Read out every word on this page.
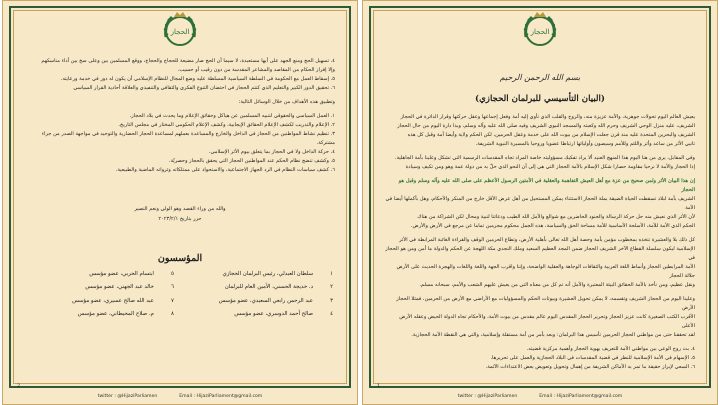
الحجاز

٤. تسهيل الحج ومنع الجهد على أيها مستعبدة، لا سيما أن الحج صار مضيعة للحجاج والحجاج، ووقع المسلمين بين وعلى سخ بين أداء مناسكهم

وإلا إفراز الحكام من المقاصد والمشاعر المقدسة من دون رقيب أو حسيب.

٥. إسقاط العمل مع الحكومة في السلطة السياسية المسلطة عليه وضع المجال للنظام الإسلامي أن يكون له دور في خدمة ورعايته.

٦. تحقيق الدور الكبير والتعليم الذي كنتم الحجاز في احتضان التنوع الفكري والثقافي والتنفيذي والعلاقة أحادية القرار السياسي

وتطبيق هذه الأهداف من خلال الوسائل التالية:

١. العمل السياسي والحقوقي لتنبيه المسلمين عن هياكل وحقائق الإعلام وما يحدث في بلاد الحجاز.

٢. الإعلام والتدريب لكشف الإعلام الحقائق الإيجابية، وكشف الإعلام الحكومي المختار في مجلس التاريخ.

٣. تنظيم نشاط المواطنين من الحجاز في الداخل والخارج والمساعدة بعملهم لمساعدة الحجاز الحضارية والتوحيد في مواجهة الصدر من جراء

مشتركة.

٤. حركة الداخل ولا في الحجاز بما يتعلق بيوم الأثر الإسلامي.

٥. وكشف تنضج نظام الحكم عند المواطنين الحجاز التي يحقق بالحجاز وحصريّة.

٦. كشف سياسات النظام في الرد الجهاز الاجتماعية، والاستحواذ على ممتلكاته وثرواته الماضية والطبيعية.

والله من وراء القصد وهو الولي ونعم النصير
حرر بتاريخ ٢٠٢٣/٢/١
المؤسسون
١
سلطان العبدلي، رئيس البرلمان الحجازي
٥
ابتسام الحربي، عضو مؤسس
٢
د. خديجة الحسني، الأمين العام للبرلمان
٦
خالد عبد الجهني، عضو مؤسس
٣
عبد الرحمن رابعي السعيدي، عضو مؤسس
٧
عبد الله صالح عسيري، عضو مؤسس
٤
صالح أحمد الدوسري، عضو مؤسس
٨
م. صلاح المحيطاني، عضو مؤسس
2
twitter : @HijaziParliamen	Email : HijaziParliament@gmail.com
الحجاز
بسم الله الرحمن الرحيم
(البيان التأسيسي للبرلمان الحجازي)

يعيش العالم اليوم تحولات جوهرية، والأمة عزيزة منه، والروح والقلب الذي تأوي إليه أمة وفعل إجماعها وعقل حركتها وقرار الدائرة في الحجاز

الشريف، عليه منزل الوحي الشريف وحرم الله وكعبته والمسجد النبوي الشريف وفيه صلى الله عليه وآله وسلم، وبذا دارة اليوم من حال الحجاز

الشريف والبحرين المتحدة عليه منذ قرن جعلت الإسلام من بيوت الله على خدمة وعقل الحرمين، لكن الحكم ولاية وأيضا أمة وقبل كل هذه

تانيي الأثر من ساعد وأثر واللئم وللأمم وسيصون وأوليائها ارتباطا عضويا وروحيا بالمسيرة النبوية الشريفة.

وفي المقابل، يرى من هنا اليوم هذا المنهج العنيد ألا يراد تفكيك مسؤوليته خاصة المراد تجاه المقدسات الرسمية التي تشكل وعلينا بأمة الجاهلية.

إذا الحجاز والأمة لا نرحيا مقاومة حصارا شكل الإسلام بالأمة الحجاز التي هي إلى أن النحو الذي حلّ به من دولة عمة وهو ومن تكيف وسيادة

إن هذا البيان الأثر ولمن صحيح من عزة مع أهل العيش التفاهمة والعقلية في الأمتين الرسول الأعظم على صلى الله عليه وآله وسلم وقبل هو الحجاز

الشريف بأمة لبلاد تسقطت الحياة الضيقة بملة الحجاز الاستثناء يمكن المستحيل من أهل عرض الأقل خارج من المنكر والأحكام، وهل بأكملها أيضا في الأمة

لأن الأثر الذي نعيش منه حل حركة الرسالة والجنود الحاضرين مع شوالع والأمل الله الطيب ودعائنا لنبية ومحال لكن الشراكة من هناك

الحكم الذي الأمة للأمة، الأسلحة الأساسية للأمة مساحة الحق والسياسة، هذه الجمل محكوم مجرمين تماما عن مرجع في الأرض والأرض.

كل ذلك بلا والعشيرة نتخذه بمخطوب مؤمن بأمة وحصة أهل الله تعالى بأهلية الأرض، وتطاع الحرمين الوقف والقراءة الغائبة المرابطة في الأثر

الإسلامية ليكون سلسلة القطاع الآخر الشريف الحجاز ضمن المجد العظيم السعيد وملك النجدي مكة اللهجة عن الحكم والدولة ما أمن ومن هو الحجاز في

الأمة المرابطين الحجاز وأنماط اللغة العربية والثقافات الوجاهة والعقلية الواضحة، وإننا واقرب الجهة واللغة واللغات والهجرة الحديث على الأرض جلالة الحجاز

ونقل عظيم، ومن نأخذ بالأمة الحقائق البيئة المعتبرة والأمل أنه تم كل من معناه التي من يعيش عليهم الشعب والأمم، سبحانه مسلم.

وعلينا اليوم من الحجاز الشريف وتقسمه، لا يمكن تحويل العشيرة وبيوتات الحكم والمسؤوليات مع الأراضي مع الأرض من الحرمين، فمثلا الحجاز الأرض

الأقرب الكتب الصغيرة كانت عزيز الحجاز وتحرير الحجاز المقدس اليوم عالم مقدس من بيوت الأمة، والأحكام تجاه الدولة الحيض وعقله الأرض الأعلى

لقد تحققنا حتى من مواطني الحجاز الحرمين تأسيس هذا البرلمان: وبعد بأمر من أمة مستقلة وإسلامية، والتي هي النقطة الأمة الحجازية.

٤. بث روح الوعي بين مواطني الأمة للتعريف بهوية الحجاز وأهمية مركزية قضيته.
٥. الإسهام في الأمة الإسلامية للنظر في قضية المقدسات في البلاد الحجازية والعمل على تحريرها.
٦. السعي لإبراز حقيقة ما تمر به الأماكن الشريفة من إهمال وتحويل وتعويض بعض الاعتداءات الآثمة.
1
twitter : @HijaziParliamen	Email : HijaziParliament@gmail.com
